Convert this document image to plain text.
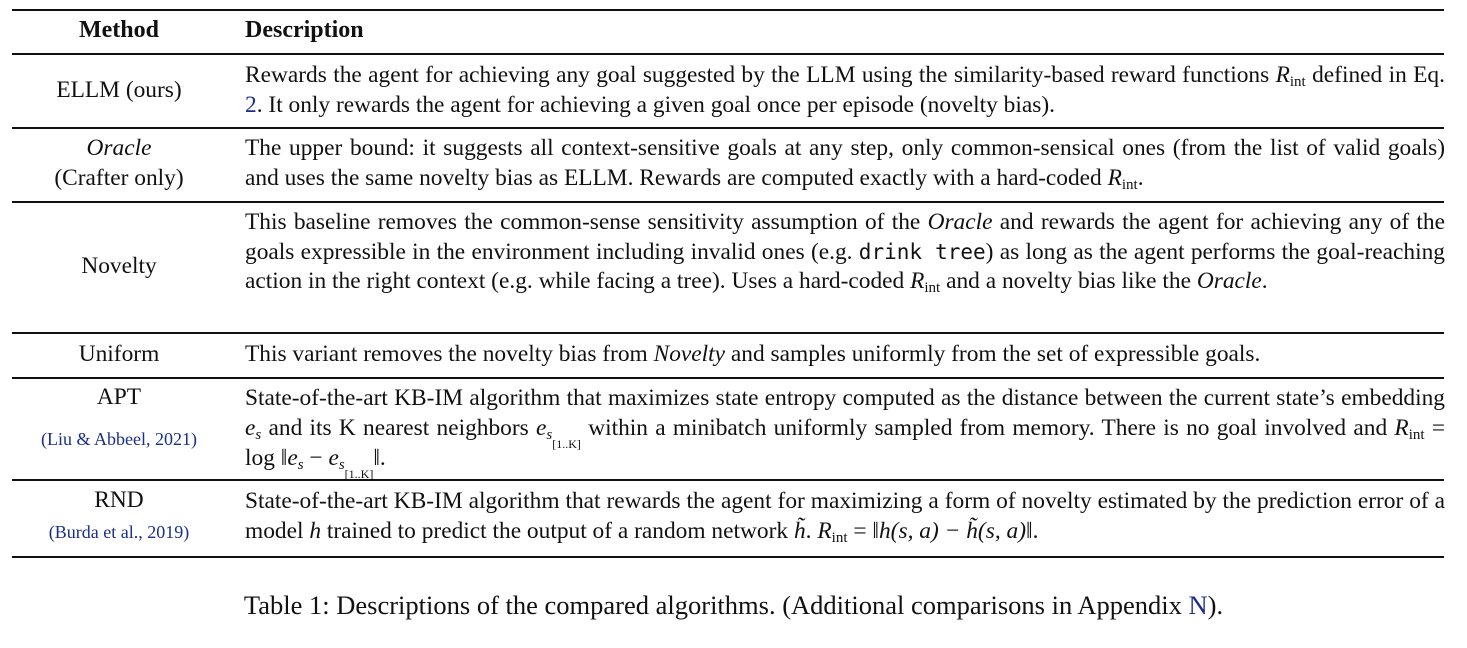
Method	Description
ELLM (ours)
Rewards the agent for achieving any goal suggested by the LLM using the similarity-based reward functions $R_{int}$ defined in Eq. 2. It only rewards the agent for achieving a given goal once per episode (novelty bias).
Oracle
(Crafter only)
The upper bound: it suggests all context-sensitive goals at any step, only common-sensical ones (from the list of valid goals) and uses the same novelty bias as ELLM. Rewards are computed exactly with a hard-coded $R_{int}$.
Novelty
This baseline removes the common-sense sensitivity assumption of the Oracle and rewards the agent for achieving any of the goals expressible in the environment including invalid ones (e.g. drink tree) as long as the agent performs the goal-reaching action in the right context (e.g. while facing a tree). Uses a hard-coded $R_{int}$ and a novelty bias like the Oracle.
Uniform	This variant removes the novelty bias from Novelty and samples uniformly from the set of expressible goals.
APT
(Liu & Abbeel, 2021)
State-of-the-art KB-IM algorithm that maximizes state entropy computed as the distance between the current state’s embedding $e_s$ and its K nearest neighbors $e_{s_{[1..K]}}$ within a minibatch uniformly sampled from memory. There is no goal involved and $R_{int} = \log$ $‖e_s$ − $e_{s_{[1..K]}}‖$.
RND
(Burda et al., 2019)
State-of-the-art KB-IM algorithm that rewards the agent for maximizing a form of novelty estimated by the prediction error of a model h trained to predict the output of a random network h̃. $R_{int}$ = ‖h(s, a) − h̃(s, a)‖.
Table 1: Descriptions of the compared algorithms. (Additional comparisons in Appendix N).
